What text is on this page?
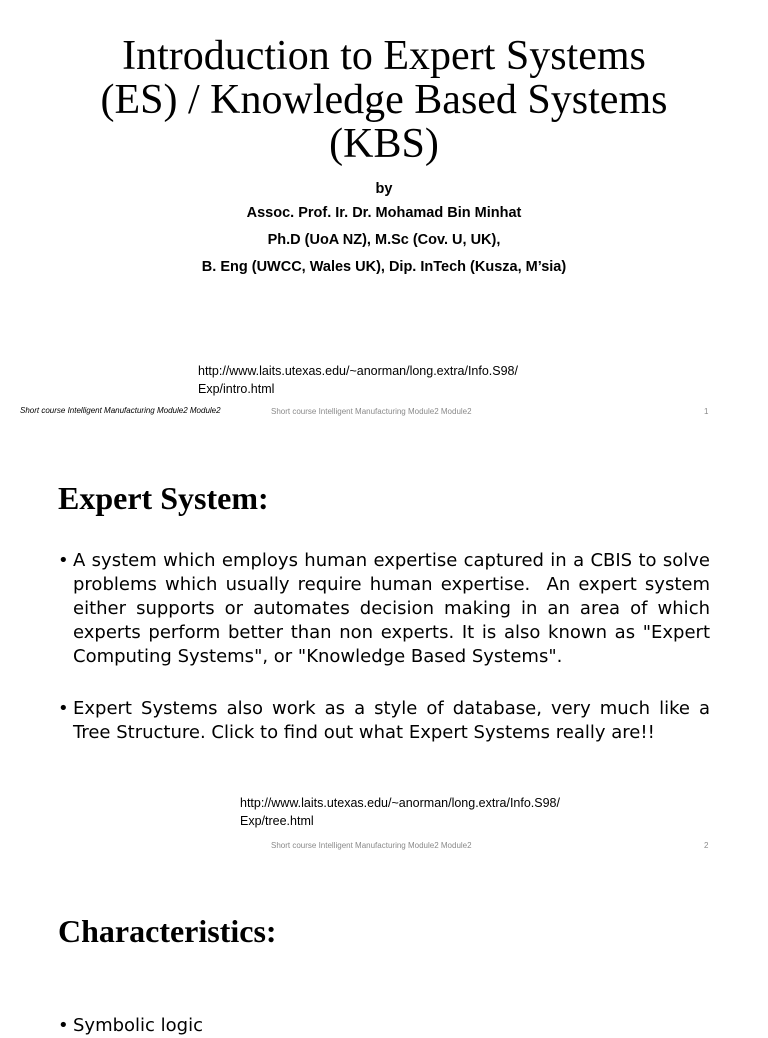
Introduction to Expert Systems
(ES) / Knowledge Based Systems
(KBS)
by
Assoc. Prof. Ir. Dr. Mohamad Bin Minhat
Ph.D (UoA NZ), M.Sc (Cov. U, UK),
B. Eng (UWCC, Wales UK), Dip. InTech (Kusza, M’sia)
http://www.laits.utexas.edu/~anorman/long.extra/Info.S98/
Exp/intro.html
Short course Intelligent Manufacturing Module2 Module2	Short course Intelligent Manufacturing Module2 Module2	1
Expert System:
• A system which employs human expertise captured in a CBIS to solve problems which usually require human expertise.  An expert system either supports or automates decision making in an area of which experts perform better than non experts. It is also known as "Expert Computing Systems", or "Knowledge Based Systems".
• Expert Systems also work as a style of database, very much like a Tree Structure. Click to find out what Expert Systems really are!!
http://www.laits.utexas.edu/~anorman/long.extra/Info.S98/
Exp/tree.html
Short course Intelligent Manufacturing Module2 Module2	2
Characteristics:
• Symbolic logic
